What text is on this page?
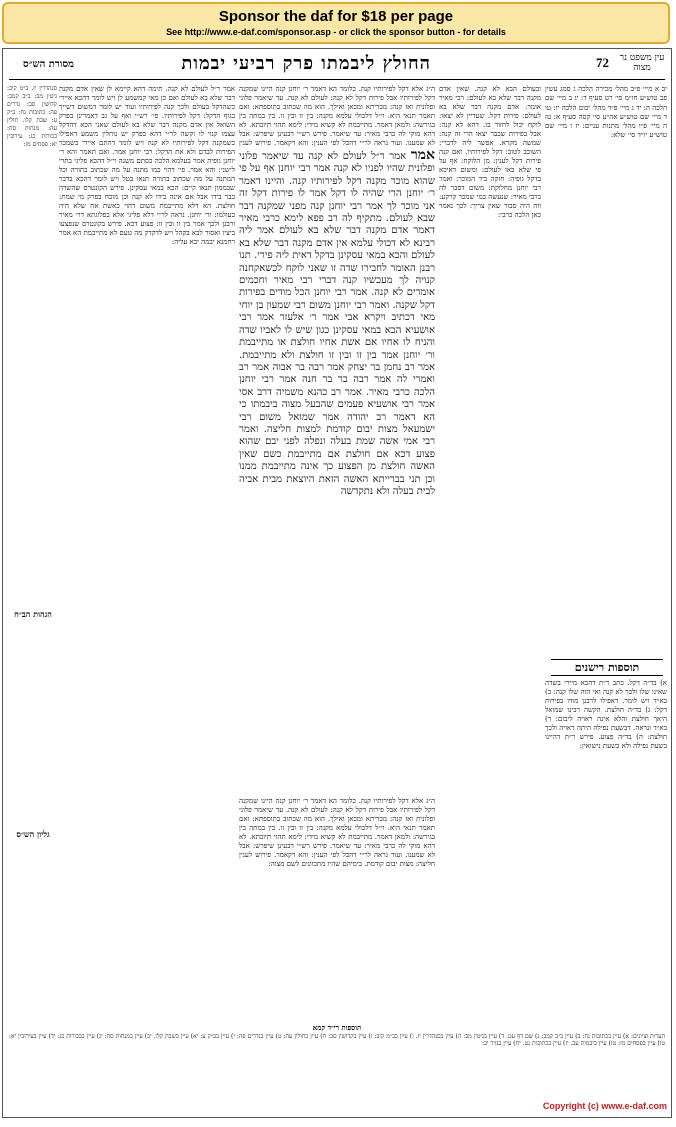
Sponsor the daf for $18 per page
See http://www.e-daf.com/sponsor.asp - or click the sponsor button - for details
עין משפט נר מצוה
72
החולץ ליבמתו פרק רביעי יבמות
מסורת הש״ס
יב א מיי׳ פ״ב מהל׳ מכירה הלכה ג סמג עשין פב טוש״ע חו״מ סי׳ רט סעיף ד: יג ב מיי׳ שם הלכה ה: יד ג מיי׳ פ״ד מהל׳ יבום הלכה יז: טו ד מיי׳ שם טוש״ע אה״ע סי׳ קסה סעיף א: טז ה מיי׳ פ״ו מהל׳ מתנות עניים: יז ו מיי׳ שם טוש״ע יו״ד סי׳ שלא:
ובעולם הבא לא קנה. שאין אדם מקנה דבר שלא בא לעולם: רבי מאיר אומר. אדם מקנה דבר שלא בא לעולם: פירות דקל. שעדיין לא יצאו: לוקח יכול לחזור בו. דהא לא קנה: אבל בפירות שכבר יצאו הרי זה קנה: שמשה מקרא. אפשר ליה לדברי: השוכב לטוב: דקל לפירותיו. ואם קנה פירות דקל לענין: מן הלוקח: אף על פי שלא באו לעולם: ומשום דאיכא בדקל גופיה: חזקה ביד המוכר: ואמר רבי יוחנן מחלוקת: משום דסבר לה כרבי מאיר: שנעשה כמי שמכר קרקע: וזה היה סבור שאין צריך: לכך נאמר כאן הלכה כרבי:
ה״ג אלא דקל לפירותיו קנה. כלומר הא דאמר ר׳ יוחנן קנה היינו שמקנה דקל לפירותיו אבל פירות דקל לא קנה: לעולם לא קנה. עד שיאמר פלוני ופלונית ואז קנה: מבריתא ומכאן ואילך. הוא מה שכתוב בתוספתא: ואם תאמר תנאי היא. וי״ל דלכולי עלמא מקנה: בין זו ובין זו. בין במתה בין בגירשה: ולמאן דאמר. מתייבמת לא קשיא מידי: לימא תהוי תיובתא. לא דהא מוקי לה כרבי מאיר: עד שיאמר. פירש רש״י דבעינן שיפרש: אבל לא שמענו. ועוד נראה לר״י דהכל לפי הענין: והא דקאמר. פירוש לענין
אמר אמר ר״ל לעולם לא קנה עד שיאמר פלוני ופלונית שהיו לפניו לא קנה אמר רבי יוחנן אף על פי שהוא מוכר מקנה דקל לפירותיו קנה. והיינו דאמר ר׳ יוחנן הרי שהיה לו דקל אמר לו פירות דקל זה אני מוכר לך אמר רבי יוחנן קנה מפני שמקנה דבר שבא לעולם. מתקיף לה רב פפא לימא כרבי מאיר דאמר אדם מקנה דבר שלא בא לעולם אמר ליה רבינא לא דכולי עלמא אין אדם מקנה דבר שלא בא לעולם והכא במאי עסקינן בדקל דאית ליה פירי. תנו רבנן האומר לחבירו שדה זו שאני לוקח לכשאקחנה קנויה לך מעכשיו קנה דברי רבי מאיר וחכמים אומרים לא קנה. אמר רבי יוחנן הכל מודים בפירות דקל שקנה. ואמר רבי יוחנן משום רבי שמעון בן יוחי מאי דכתיב ויקרא אבי אמר ר׳ אלעזר אמר רבי אושעיא הכא במאי עסקינן כגון שיש לו לאביו שדה והניח לו אחיו אם אשת אחיו חולצת או מתייבמת ור׳ יוחנן אמר בין זו ובין זו חולצת ולא מתייבמת. אמר רב נחמן בר יצחק אמר רבה בר אבוה אמר רב ואמרי לה אמר רבה בר בר חנה אמר רבי יוחנן הלכה כרבי מאיר. אמר רב כהנא משמיה דרב אסי אמר רבי אושעיא פעמים שהבעל מצוה ביבמתו כי הא דאמר רב יהודה אמר שמואל משום רבי ישמעאל מצות יבום קודמת למצות חליצה. ואמר רבי אמי אשה שמת בעלה ונפלה לפני יבם שהוא פצוע דכא אם חולצת אם מתייבמת כשם שאין האשה חולצת מן הפצוע כך אינה מתייבמת ממנו וכן תני בברייתא האשה הזאת היוצאת מבית אביה לבית בעלה ולא נתקדשה
ה״ג אלא דקל לפירותיו קנה. כלומר הא דאמר ר׳ יוחנן קנה היינו שמקנה דקל לפירותיו אבל פירות דקל לא קנה: לעולם לא קנה. עד שיאמר פלוני ופלונית ואז קנה: מבריתא ומכאן ואילך. הוא מה שכתוב בתוספתא: ואם תאמר תנאי היא. וי״ל דלכולי עלמא מקנה: בין זו ובין זו. בין במתה בין בגירשה: ולמאן דאמר. מתייבמת לא קשיא מידי: לימא תהוי תיובתא. לא דהא מוקי לה כרבי מאיר: עד שיאמר. פירש רש״י דבעינן שיפרש: אבל לא שמענו. ועוד נראה לר״י דהכל לפי הענין: והא דקאמר. פירוש לענין חליצה: מצות יבום קודמת. בימיהם שהיו מתכוונים לשם מצוה:
אמר ר״ל לעולם לא קנה. תימה דהא קיימא לן שאין אדם מקנה דבר שלא בא לעולם ואם כן מאי קמשמע לן ויש לומר דהכא איירי כשהדקל בעולם ולכך קנה לפירותיו ועוד יש לומר דמשום דשייך בגוף הדקל: דקל לפירותיו. פי׳ רש״י ואף על גב דאמרינן בפרק השואל אין אדם מקנה דבר שלא בא לעולם שאני הכא דהדקל עצמו קנוי לו וקשה לר״י דהא בפרק יש נוחלין משמע דאפילו כשמקנה דקל לפירותיו לא קנה ויש לומר דהתם איירי כשמכר הפירות לבדם ולא את הדקל: רבי יוחנן אמר. ואם תאמר והא ר׳ יוחנן גופיה אמר בעלמא הלכה כסתם משנה וי״ל דהכא פליגי בתרי לישני: והא אמר. פי׳ דהוי כמו מתנה על מה שכתוב בתורה וכל המתנה על מה שכתוב בתורה תנאו בטל ויש לומר דהכא בדבר שבממון תנאו קיים: הכא במאי עסקינן. פירש הקונטרס שהשדה כבר בידו אבל אם אינה בידו לא קנה וכן מוכח בפרק מי שמת: חולצת. הא דלא מתייבמת משום דהוי כאשת אח שלא היה בעולמו: ור׳ יוחנן. נראה לר״י דלא פליגי אלא בפלוגתא דר׳ מאיר ורבנן ולכך אמר בין זו ובין זו: פצוע דכא. פירש בקונטרס שנפצעו ביציו ואסור לבא בקהל ויש לדקדק מה טעם לא מתייבמת הא אמר רחמנא יבמה יבא עליה:
תוספות רישנים
א) בד״ה דקל. כתב ר״ת דהכא מיירי בשדה שאינו שלו ולכך לא קנה ואי הוה שלו קנה: ב) בא״ד ויש לומר. דאפילו לרבנן מודו בפירות דקל: ג) בד״ה חולצת. הקשה רבינו שמואל היאך חולצת והלא אינה ראויה ליבום: ד) בא״ד ונראה. דבשעת נפילה היתה ראויה ולכך חולצת: ה) בד״ה פצוע. פירש ר״ת דהיינו בשעת נפילה ולא בשעת נישואין:
סנהדרין יז. ב״מ קיב: גיטין מב: ב״ב קמב: קדושין סב: נדרים פה: כתובות נח: ב״ק ע: שבת קלו. חולין עה: מנחות סח: בכורות כג: עירובין יא: פסחים מז:
הגהות הב״ח
גליון הש״ס
תוספות רי״ד קמא
הערות וציונים: א) עיין בכתובות נח: ב) עיין ב״ב קמב: ג) שם דף עט. ד) עיין בגיטין מב: ה) עיין בסנהדרין יז. ו) עיין בב״מ קיב: ז) עיין בקדושין סב: ח) עיין בחולין עה: ט) עיין בנדרים פה: י) עיין בב״ק ע: יא) עיין בשבת קלו. יב) עיין במנחות סח: יג) עיין בבכורות כג: יד) עיין בעירובין יא: טו) עיין בפסחים מז: טז) עיין ביבמות עב. יז) עיין בכתובות נט. יח) עיין בנזיר יב:
Copyright (c) www.e-daf.com
